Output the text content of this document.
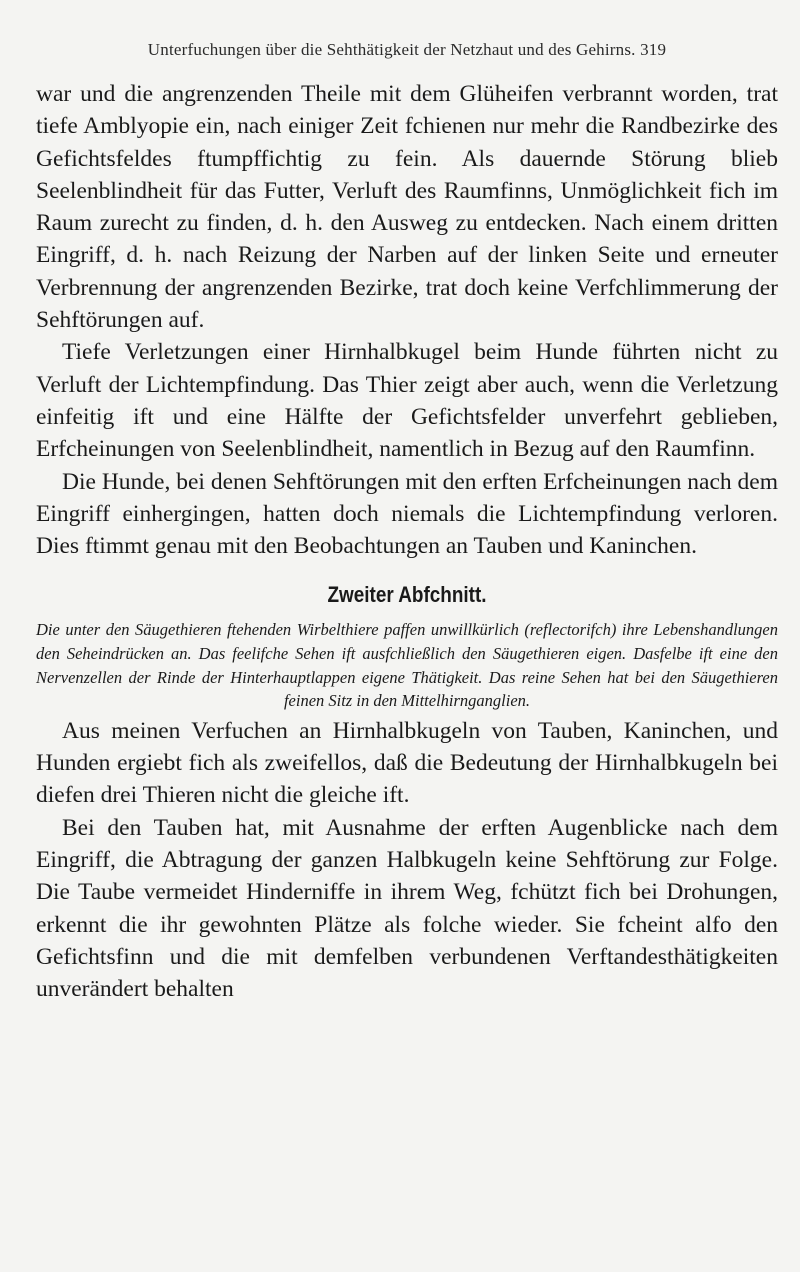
Unterfuchungen über die Sehthätigkeit der Netzhaut und des Gehirns. 319

war und die angrenzenden Theile mit dem Glüheifen verbrannt worden, trat tiefe Amblyopie ein, nach einiger Zeit fchienen nur mehr die Randbezirke des Gefichtsfeldes ftumpffichtig zu fein. Als dauernde Störung blieb Seelenblindheit für das Futter, Verluft des Raumfinns, Unmöglichkeit fich im Raum zurecht zu finden, d. h. den Ausweg zu entdecken. Nach einem dritten Eingriff, d. h. nach Reizung der Narben auf der linken Seite und erneuter Verbrennung der angrenzenden Bezirke, trat doch keine Verfchlimmerung der Sehftörungen auf.

Tiefe Verletzungen einer Hirnhalbkugel beim Hunde führten nicht zu Verluft der Lichtempfindung. Das Thier zeigt aber auch, wenn die Verletzung einfeitig ift und eine Hälfte der Gefichtsfelder unverfehrt geblieben, Erfcheinungen von Seelenblindheit, namentlich in Bezug auf den Raumfinn.

Die Hunde, bei denen Sehftörungen mit den erften Erfcheinungen nach dem Eingriff einhergingen, hatten doch niemals die Lichtempfindung verloren. Dies ftimmt genau mit den Beobachtungen an Tauben und Kaninchen.

Zweiter Abfchnitt.

Die unter den Säugethieren ftehenden Wirbelthiere paffen unwillkürlich (reflectorifch) ihre Lebenshandlungen den Seheindrücken an. Das feelifche Sehen ift ausfchließlich den Säugethieren eigen. Dasfelbe ift eine den Nervenzellen der Rinde der Hinterhauptlappen eigene Thätigkeit. Das reine Sehen hat bei den Säugethieren feinen Sitz in den Mittelhirnganglien.

Aus meinen Verfuchen an Hirnhalbkugeln von Tauben, Kaninchen, und Hunden ergiebt fich als zweifellos, daß die Bedeutung der Hirnhalbkugeln bei diefen drei Thieren nicht die gleiche ift.

Bei den Tauben hat, mit Ausnahme der erften Augenblicke nach dem Eingriff, die Abtragung der ganzen Halbkugeln keine Sehftörung zur Folge. Die Taube vermeidet Hinderniffe in ihrem Weg, fchützt fich bei Drohungen, erkennt die ihr gewohnten Plätze als folche wieder. Sie fcheint alfo den Gefichtsfinn und die mit demfelben verbundenen Verftandesthätigkeiten unverändert behalten
